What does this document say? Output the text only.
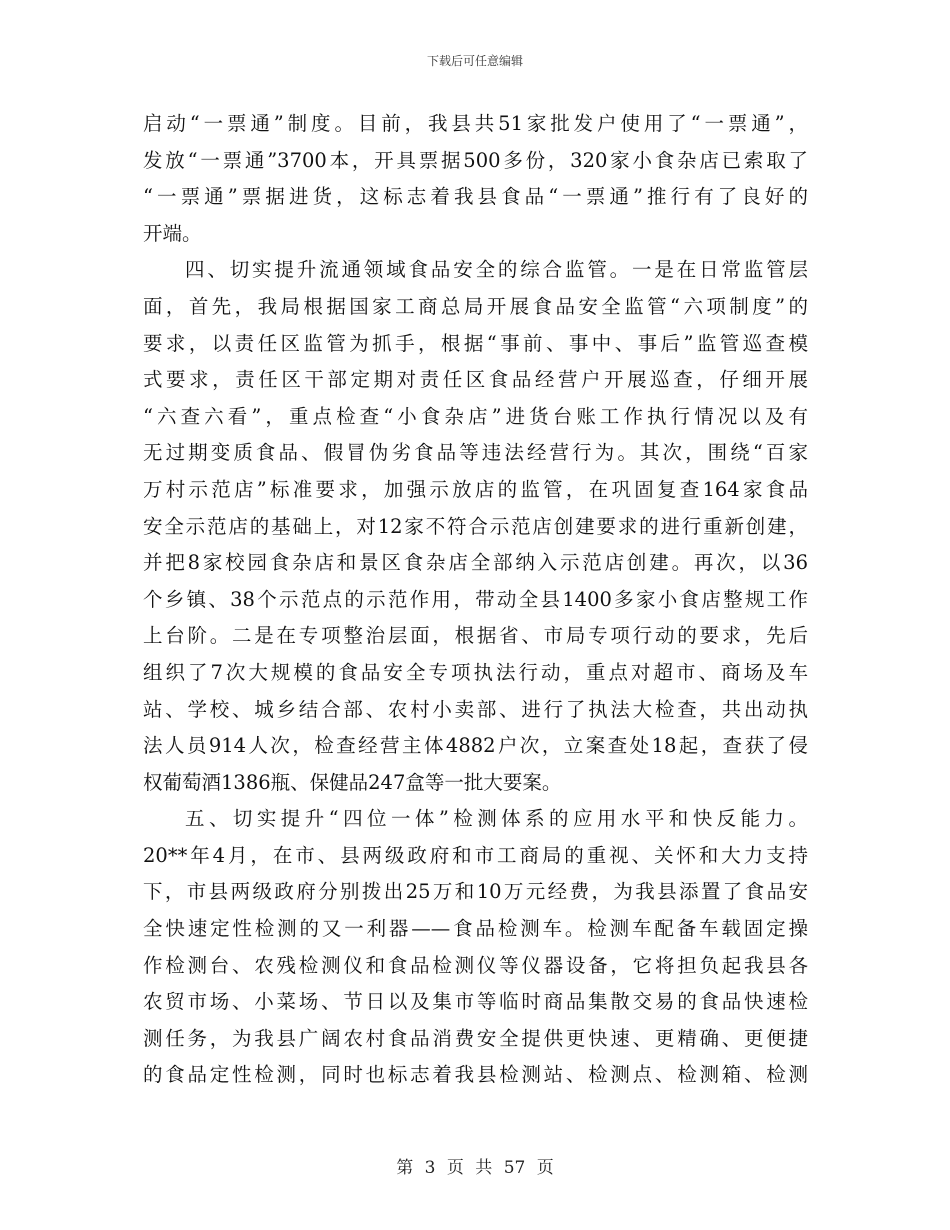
下载后可任意编辑
启动“一票通”制度。目前，我县共51家批发户使用了“一票通”，
发放“一票通”3700本，开具票据500多份，320家小食杂店已索取了
“一票通”票据进货，这标志着我县食品“一票通”推行有了良好的
开端。
四、切实提升流通领域食品安全的综合监管。一是在日常监管层
面，首先，我局根据国家工商总局开展食品安全监管“六项制度”的
要求，以责任区监管为抓手，根据“事前、事中、事后”监管巡查模
式要求，责任区干部定期对责任区食品经营户开展巡查，仔细开展
“六查六看”，重点检查“小食杂店”进货台账工作执行情况以及有
无过期变质食品、假冒伪劣食品等违法经营行为。其次，围绕“百家
万村示范店”标准要求，加强示放店的监管，在巩固复查164家食品
安全示范店的基础上，对12家不符合示范店创建要求的进行重新创建，
并把8家校园食杂店和景区食杂店全部纳入示范店创建。再次，以36
个乡镇、38个示范点的示范作用，带动全县1400多家小食店整规工作
上台阶。二是在专项整治层面，根据省、市局专项行动的要求，先后
组织了7次大规模的食品安全专项执法行动，重点对超市、商场及车
站、学校、城乡结合部、农村小卖部、进行了执法大检查，共出动执
法人员914人次，检查经营主体4882户次，立案查处18起，查获了侵
权葡萄酒1386瓶、保健品247盒等一批大要案。
五、切实提升“四位一体”检测体系的应用水平和快反能力。
20**年4月，在市、县两级政府和市工商局的重视、关怀和大力支持
下，市县两级政府分别拨出25万和10万元经费，为我县添置了食品安
全快速定性检测的又一利器——食品检测车。检测车配备车载固定操
作检测台、农残检测仪和食品检测仪等仪器设备，它将担负起我县各
农贸市场、小菜场、节日以及集市等临时商品集散交易的食品快速检
测任务，为我县广阔农村食品消费安全提供更快速、更精确、更便捷
的食品定性检测，同时也标志着我县检测站、检测点、检测箱、检测
第 3 页 共 57 页
